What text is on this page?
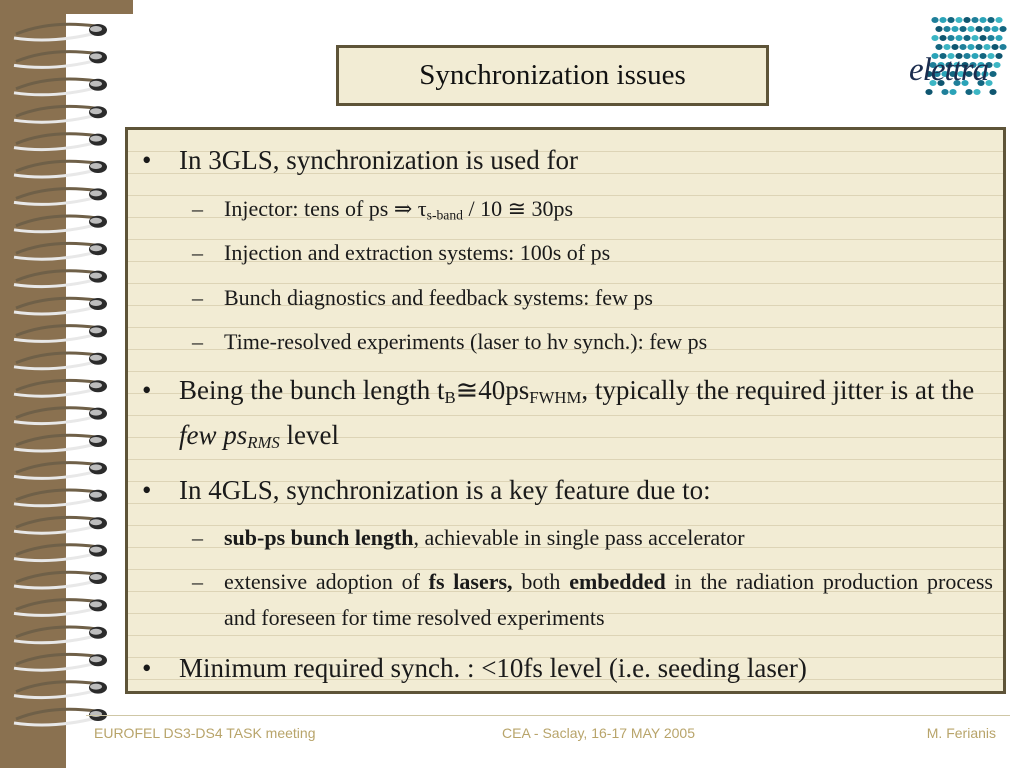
Synchronization issues	elettra
• In 3GLS, synchronization is used for
– Injector: tens of ps ⇒ $\tau_{s-band} / 10$ ≅ 30ps
– Injection and extraction systems: 100s of ps
– Bunch diagnostics and feedback systems: few ps
– Time-resolved experiments (laser to hν synch.): few ps
• Being the bunch length $t_B≅40ps_{FWHM}$, typically the required jitter is at the few $ps_{RMS}$ level
• In 4GLS, synchronization is a key feature due to:
– sub-ps bunch length, achievable in single pass accelerator
– extensive adoption of fs lasers, both embedded in the radiation production process and foreseen for time resolved experiments
• Minimum required synch. : <10fs level (i.e. seeding laser)
EUROFEL DS3-DS4 TASK meeting	CEA - Saclay, 16-17 MAY 2005	M. Ferianis
